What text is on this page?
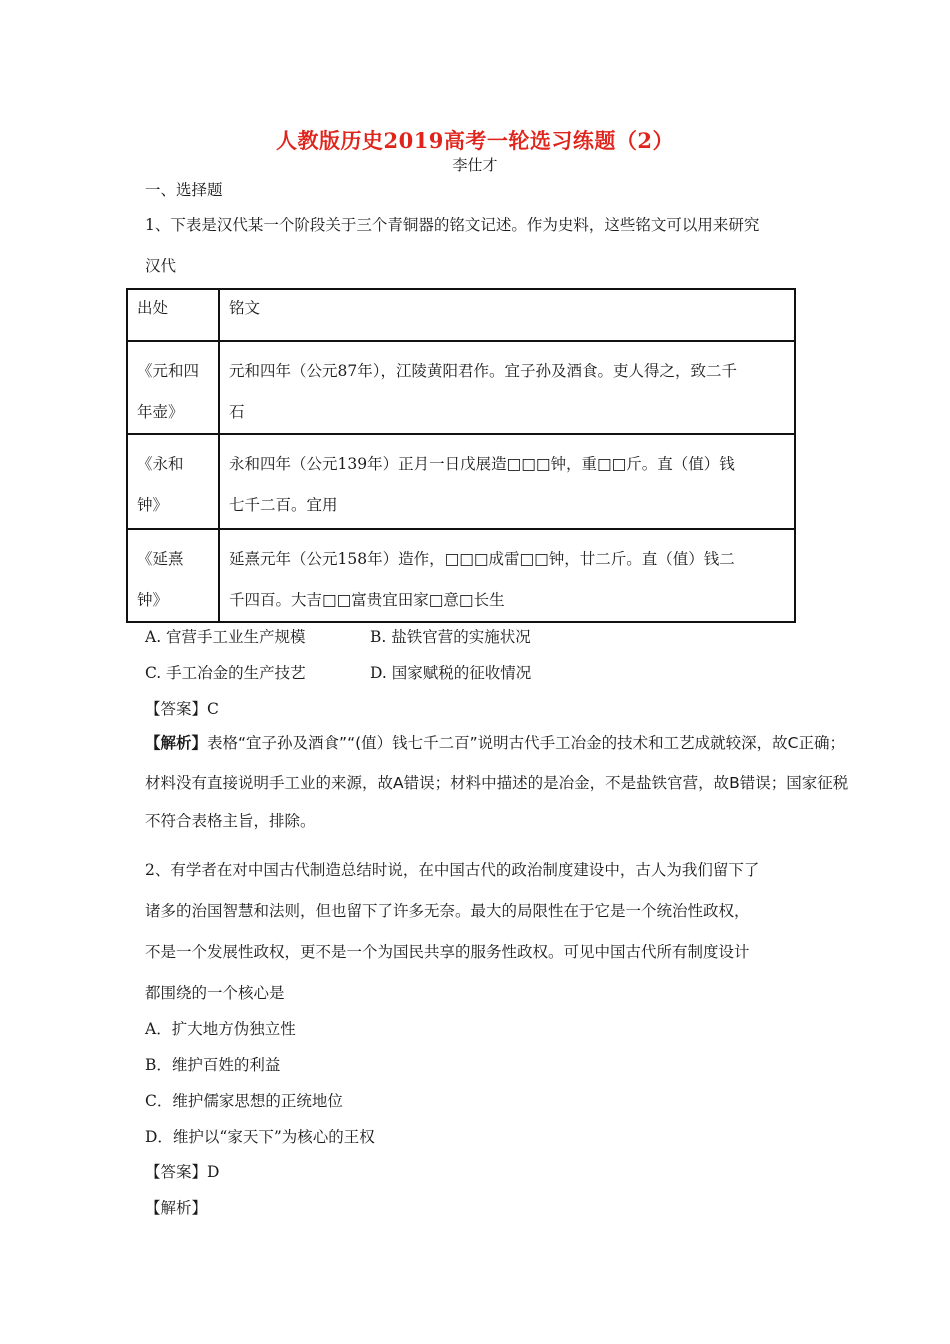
人教版历史2019高考一轮选习练题（2）
李仕才
一、选择题
1、下表是汉代某一个阶段关于三个青铜器的铭文记述。作为史料，这些铭文可以用来研究
汉代
出处	铭文
《元和四
年壶》	元和四年（公元87年），江陵黄阳君作。宜子孙及酒食。吏人得之，致二千
石
《永和
钟》	永和四年（公元139年）正月一日戊展造□□□钟，重□□斤。直（值）钱
七千二百。宜用
《延熹
钟》	延熹元年（公元158年）造作，□□□成雷□□钟，廿二斤。直（值）钱二
千四百。大吉□□富贵宜田家□意□长生
A. 官营手工业生产规模	B. 盐铁官营的实施状况
C. 手工冶金的生产技艺	D. 国家赋税的征收情况
【答案】C
【解析】表格“宜子孙及酒食”“(值）钱七千二百”说明古代手工冶金的技术和工艺成就较深，故C正确；
材料没有直接说明手工业的来源，故A错误；材料中描述的是冶金，不是盐铁官营，故B错误；国家征税
不符合表格主旨，排除。
2、有学者在对中国古代制造总结时说，在中国古代的政治制度建设中，古人为我们留下了
诸多的治国智慧和法则，但也留下了许多无奈。最大的局限性在于它是一个统治性政权，
不是一个发展性政权，更不是一个为国民共享的服务性政权。可见中国古代所有制度设计
都围绕的一个核心是
A．扩大地方伪独立性
B．维护百姓的利益
C．维护儒家思想的正统地位
D．维护以“家天下”为核心的王权
【答案】D
【解析】
